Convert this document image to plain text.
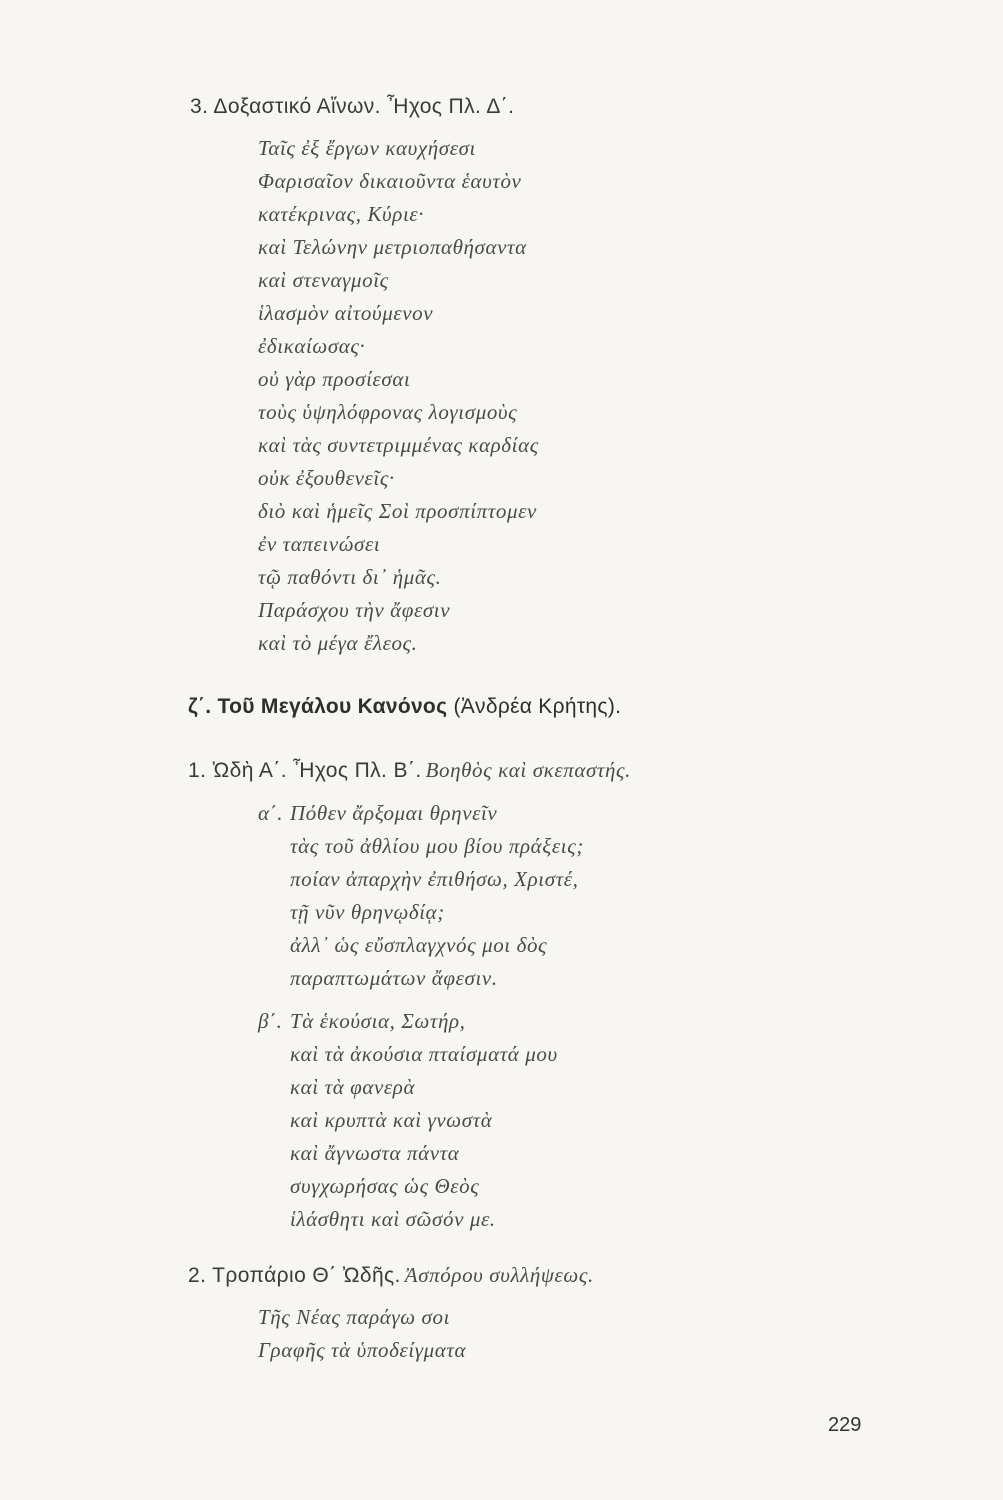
3. Δοξαστικό Αἴνων. Ἦχος Πλ. Δ΄.
Ταῖς ἐξ ἔργων καυχήσεσι
Φαρισαῖον δικαιοῦντα ἑαυτὸν
κατέκρινας, Κύριε·
καὶ Τελώνην μετριοπαθήσαντα
καὶ στεναγμοῖς
ἱλασμὸν αἰτούμενον
ἐδικαίωσας·
οὐ γὰρ προσίεσαι
τοὺς ὑψηλόφρονας λογισμοὺς
καὶ τὰς συντετριμμένας καρδίας
οὐκ ἐξουθενεῖς·
διὸ καὶ ἡμεῖς Σοὶ προσπίπτομεν
ἐν ταπεινώσει
τῷ παθόντι δι᾽ ἡμᾶς.
Παράσχου τὴν ἄφεσιν
καὶ τὸ μέγα ἔλεος.
ζ΄. Τοῦ Μεγάλου Κανόνος (Ἀνδρέα Κρήτης).
1. Ὠδὴ Α΄. Ἦχος Πλ. Β΄. Βοηθὸς καὶ σκεπαστής.
α΄. Πόθεν ἄρξομαι θρηνεῖν
τὰς τοῦ ἀθλίου μου βίου πράξεις;
ποίαν ἀπαρχὴν ἐπιθήσω, Χριστέ,
τῇ νῦν θρηνῳδίᾳ;
ἀλλ᾽ ὡς εὔσπλαγχνός μοι δὸς
παραπτωμάτων ἄφεσιν.
β΄. Τὰ ἑκούσια, Σωτήρ,
καὶ τὰ ἀκούσια πταίσματά μου
καὶ τὰ φανερὰ
καὶ κρυπτὰ καὶ γνωστὰ
καὶ ἄγνωστα πάντα
συγχωρήσας ὡς Θεὸς
ἱλάσθητι καὶ σῶσόν με.
2. Τροπάριο Θ΄ Ὠδῆς. Ἀσπόρου συλλήψεως.
Τῆς Νέας παράγω σοι
Γραφῆς τὰ ὑποδείγματα
229
